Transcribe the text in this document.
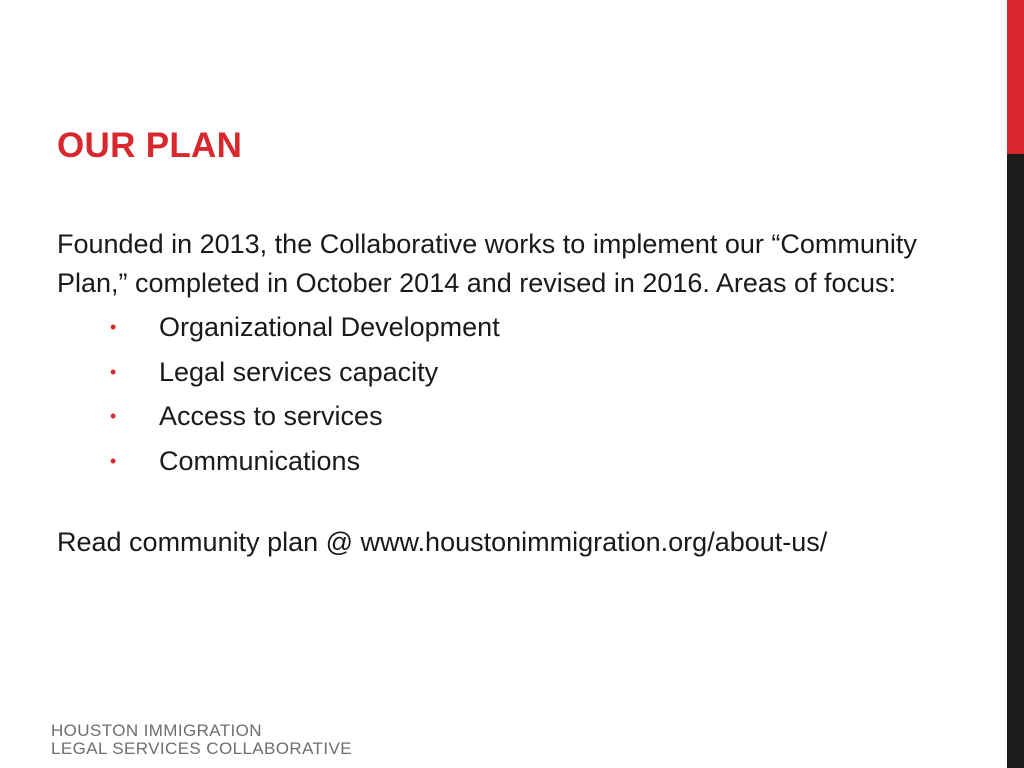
OUR PLAN

Founded in 2013, the Collaborative works to implement our “Community Plan,” completed in October 2014 and revised in 2016. Areas of focus:

• Organizational Development
• Legal services capacity
• Access to services
• Communications

Read community plan @ www.houstonimmigration.org/about-us/

HOUSTON IMMIGRATION
LEGAL SERVICES COLLABORATIVE
